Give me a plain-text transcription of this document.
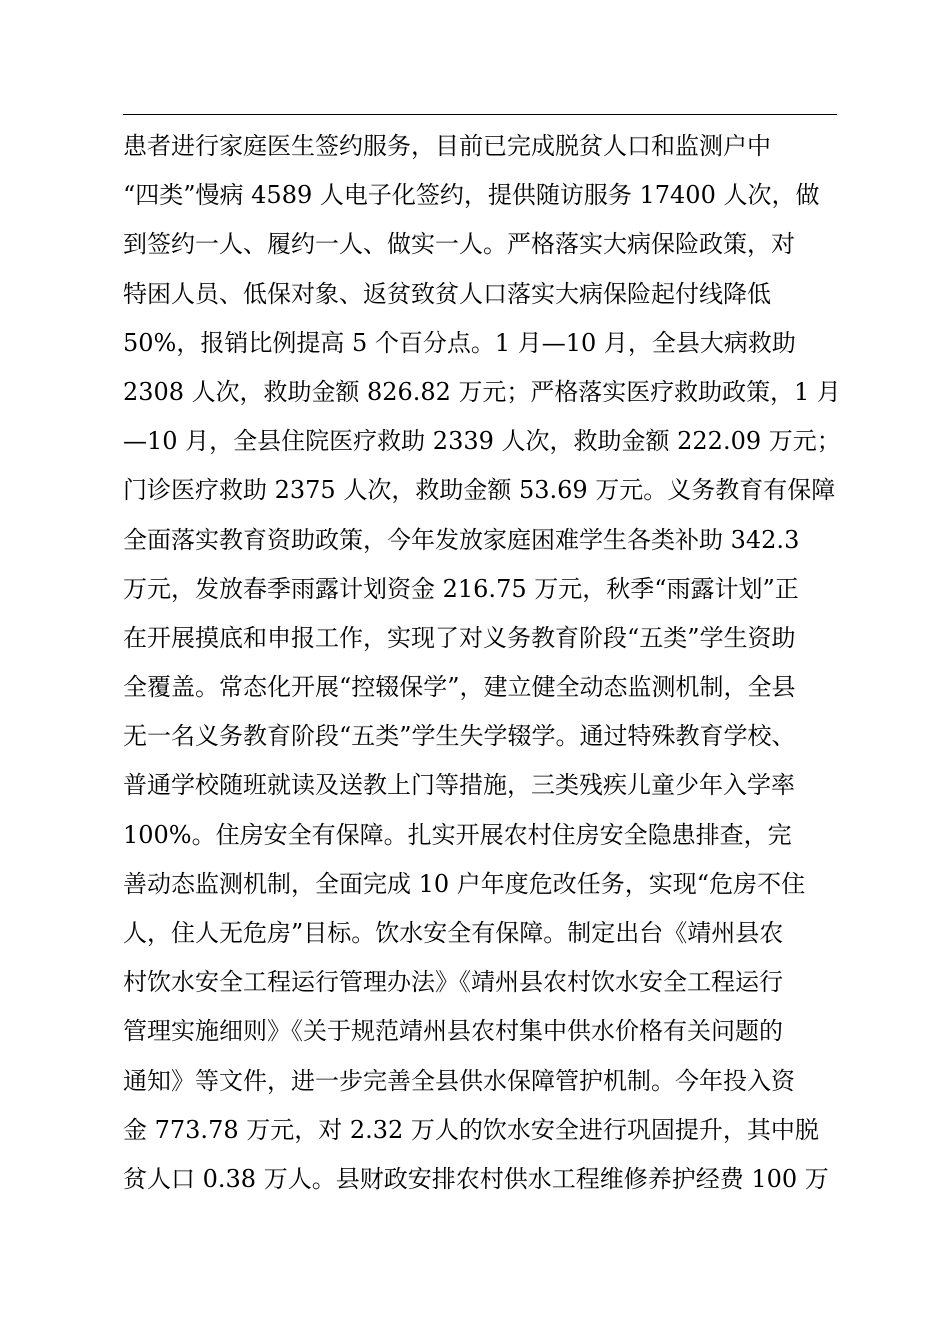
患者进行家庭医生签约服务，目前已完成脱贫人口和监测户中
“四类”慢病 4589 人电子化签约，提供随访服务 17400 人次，做
到签约一人、履约一人、做实一人。严格落实大病保险政策，对
特困人员、低保对象、返贫致贫人口落实大病保险起付线降低
50%，报销比例提高 5 个百分点。1 月—10 月，全县大病救助
2308 人次，救助金额 826.82 万元；严格落实医疗救助政策，1 月
—10 月，全县住院医疗救助 2339 人次，救助金额 222.09 万元；
门诊医疗救助 2375 人次，救助金额 53.69 万元。义务教育有保障
全面落实教育资助政策，今年发放家庭困难学生各类补助 342.3
万元，发放春季雨露计划资金 216.75 万元，秋季“雨露计划”正
在开展摸底和申报工作，实现了对义务教育阶段“五类”学生资助
全覆盖。常态化开展“控辍保学”，建立健全动态监测机制，全县
无一名义务教育阶段“五类”学生失学辍学。通过特殊教育学校、
普通学校随班就读及送教上门等措施，三类残疾儿童少年入学率
100%。住房安全有保障。扎实开展农村住房安全隐患排查，完
善动态监测机制，全面完成 10 户年度危改任务，实现“危房不住
人，住人无危房”目标。饮水安全有保障。制定出台《靖州县农
村饮水安全工程运行管理办法》《靖州县农村饮水安全工程运行
管理实施细则》《关于规范靖州县农村集中供水价格有关问题的
通知》等文件，进一步完善全县供水保障管护机制。今年投入资
金 773.78 万元，对 2.32 万人的饮水安全进行巩固提升，其中脱
贫人口 0.38 万人。县财政安排农村供水工程维修养护经费 100 万
